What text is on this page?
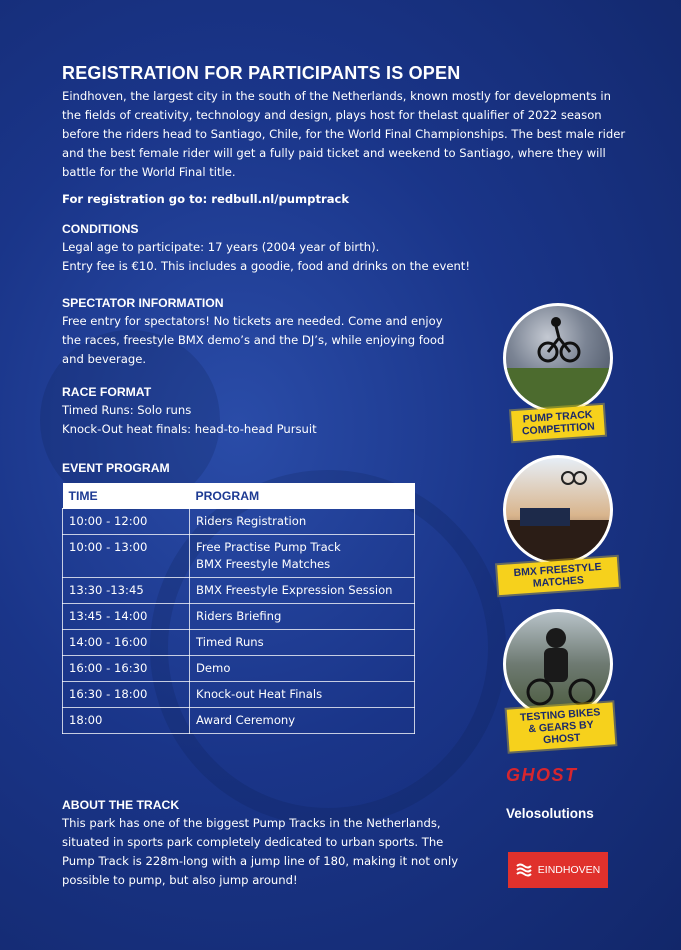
REGISTRATION FOR PARTICIPANTS IS OPEN

Eindhoven, the largest city in the south of the Netherlands, known mostly for developments in the fields of creativity, technology and design, plays host for thelast qualifier of 2022 season before the riders head to Santiago, Chile, for the World Final Championships. The best male rider and the best female rider will get a fully paid ticket and weekend to Santiago, where they will battle for the World Final title.

For registration go to: redbull.nl/pumptrack

CONDITIONS

Legal age to participate: 17 years (2004 year of birth).

Entry fee is €10. This includes a goodie, food and drinks on the event!

SPECTATOR INFORMATION

Free entry for spectators! No tickets are needed. Come and enjoy the races, freestyle BMX demo’s and the DJ’s, while enjoying food and beverage.

RACE FORMAT

Timed Runs: Solo runs

Knock-Out heat finals: head-to-head Pursuit

EVENT PROGRAM
TIME	PROGRAM
10:00 - 12:00	Riders Registration
10:00 - 13:00	Free Practise Pump Track
BMX Freestyle Matches

13:30 -13:45	BMX Freestyle Expression Session
13:45 - 14:00	Riders Briefing
14:00 - 16:00	Timed Runs
16:00 - 16:30	Demo
16:30 - 18:00	Knock-out Heat Finals
18:00	Award Ceremony
ABOUT THE TRACK

This park has one of the biggest Pump Tracks in the Netherlands, situated in sports park completely dedicated to urban sports. The Pump Track is 228m-long with a jump line of 180, making it not only possible to pump, but also jump around!

PUMP TRACK COMPETITION
BMX FREESTYLE MATCHES
TESTING BIKES & GEARS BY GHOST
GHOST
Velosolutions
EINDHOVEN
